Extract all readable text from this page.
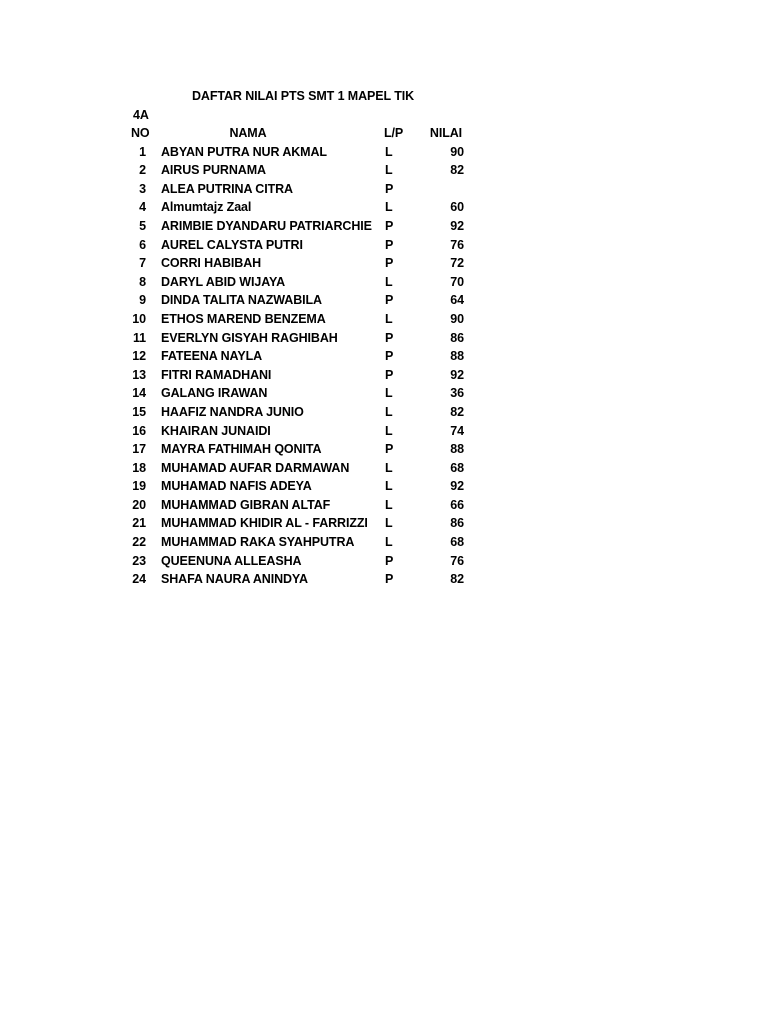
DAFTAR NILAI PTS SMT 1 MAPEL TIK
4A
NO	NAMA	L/P	NILAI
1	ABYAN PUTRA NUR AKMAL	L	90
2	AIRUS PURNAMA	L	82
3	ALEA PUTRINA CITRA	P	
4	Almumtajz Zaal	L	60
5	ARIMBIE DYANDARU PATRIARCHIE	P	92
6	AUREL CALYSTA PUTRI	P	76
7	CORRI HABIBAH	P	72
8	DARYL ABID WIJAYA	L	70
9	DINDA TALITA NAZWABILA	P	64
10	ETHOS MAREND BENZEMA	L	90
11	EVERLYN GISYAH RAGHIBAH	P	86
12	FATEENA NAYLA	P	88
13	FITRI RAMADHANI	P	92
14	GALANG IRAWAN	L	36
15	HAAFIZ NANDRA JUNIO	L	82
16	KHAIRAN JUNAIDI	L	74
17	MAYRA FATHIMAH QONITA	P	88
18	MUHAMAD AUFAR DARMAWAN	L	68
19	MUHAMAD NAFIS ADEYA	L	92
20	MUHAMMAD GIBRAN ALTAF	L	66
21	MUHAMMAD KHIDIR AL - FARRIZZI	L	86
22	MUHAMMAD RAKA SYAHPUTRA	L	68
23	QUEENUNA ALLEASHA	P	76
24	SHAFA NAURA ANINDYA	P	82
